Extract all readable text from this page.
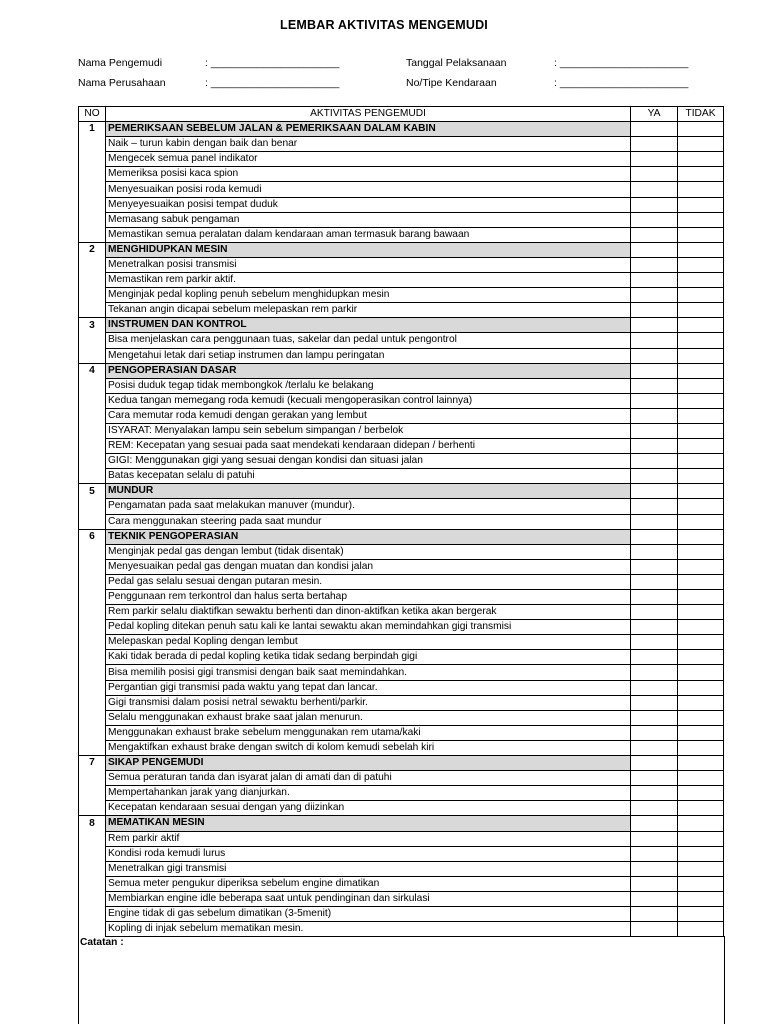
LEMBAR AKTIVITAS MENGEMUDI
Nama Pengemudi	: ______________________
Nama Perusahaan	: ______________________
Tanggal Pelaksanaan	: ______________________
No/Tipe Kendaraan	: ______________________
NO	AKTIVITAS PENGEMUDI	YA	TIDAK
1	PEMERIKSAAN SEBELUM JALAN & PEMERIKSAAN DALAM KABIN		
	Naik – turun kabin dengan baik dan benar		
	Mengecek semua panel indikator		
	Memeriksa posisi kaca spion		
	Menyesuaikan posisi roda kemudi		
	Menyeyesuaikan posisi tempat duduk		
	Memasang sabuk pengaman		
	Memastikan semua peralatan dalam kendaraan aman termasuk barang bawaan		
2	MENGHIDUPKAN MESIN		
	Menetralkan posisi transmisi		
	Memastikan rem parkir aktif.		
	Menginjak pedal kopling penuh sebelum menghidupkan mesin		
	Tekanan angin dicapai sebelum melepaskan rem parkir		
3	INSTRUMEN DAN KONTROL		
	Bisa menjelaskan cara penggunaan tuas, sakelar dan pedal untuk pengontrol		
	Mengetahui letak dari setiap instrumen dan lampu peringatan		
4	PENGOPERASIAN DASAR		
	Posisi duduk tegap tidak membongkok /terlalu ke belakang		
	Kedua tangan memegang roda kemudi (kecuali mengoperasikan control lainnya)		
	Cara memutar roda kemudi dengan gerakan yang lembut		
	ISYARAT: Menyalakan lampu sein sebelum simpangan / berbelok		
	REM: Kecepatan yang sesuai pada saat mendekati kendaraan didepan / berhenti		
	GIGI: Menggunakan gigi yang sesuai dengan kondisi dan situasi jalan		
	Batas kecepatan selalu di patuhi		
5	MUNDUR		
	Pengamatan pada saat melakukan manuver (mundur).		
	Cara menggunakan steering pada saat mundur		
6	TEKNIK PENGOPERASIAN		
	Menginjak pedal gas dengan lembut (tidak disentak)		
	Menyesuaikan pedal gas dengan muatan dan kondisi jalan		
	Pedal gas selalu sesuai dengan putaran mesin.		
	Penggunaan rem terkontrol dan halus serta bertahap		
	Rem parkir selalu diaktifkan sewaktu berhenti dan dinon-aktifkan ketika akan bergerak		
	Pedal kopling ditekan penuh satu kali ke lantai sewaktu akan memindahkan gigi transmisi		
	Melepaskan pedal Kopling dengan lembut		
	Kaki tidak berada di pedal kopling ketika tidak sedang berpindah gigi		
	Bisa memilih posisi gigi transmisi dengan baik saat memindahkan.		
	Pergantian gigi transmisi pada waktu yang tepat dan lancar.		
	Gigi transmisi dalam posisi netral sewaktu berhenti/parkir.		
	Selalu menggunakan exhaust brake saat jalan menurun.		
	Menggunakan exhaust brake sebelum menggunakan rem utama/kaki		
	Mengaktifkan exhaust brake dengan switch di kolom kemudi sebelah kiri		
7	SIKAP PENGEMUDI		
	Semua peraturan tanda dan isyarat jalan di amati dan di patuhi		
	Mempertahankan jarak yang dianjurkan.		
	Kecepatan kendaraan sesuai dengan yang diizinkan		
8	MEMATIKAN MESIN		
	Rem parkir aktif		
	Kondisi roda kemudi lurus		
	Menetralkan gigi transmisi		
	Semua meter pengukur diperiksa sebelum engine dimatikan		
	Membiarkan engine idle beberapa saat untuk pendinginan dan sirkulasi		
	Engine tidak di gas sebelum dimatikan (3-5menit)		
	Kopling di injak sebelum mematikan mesin.		
Catatan :
